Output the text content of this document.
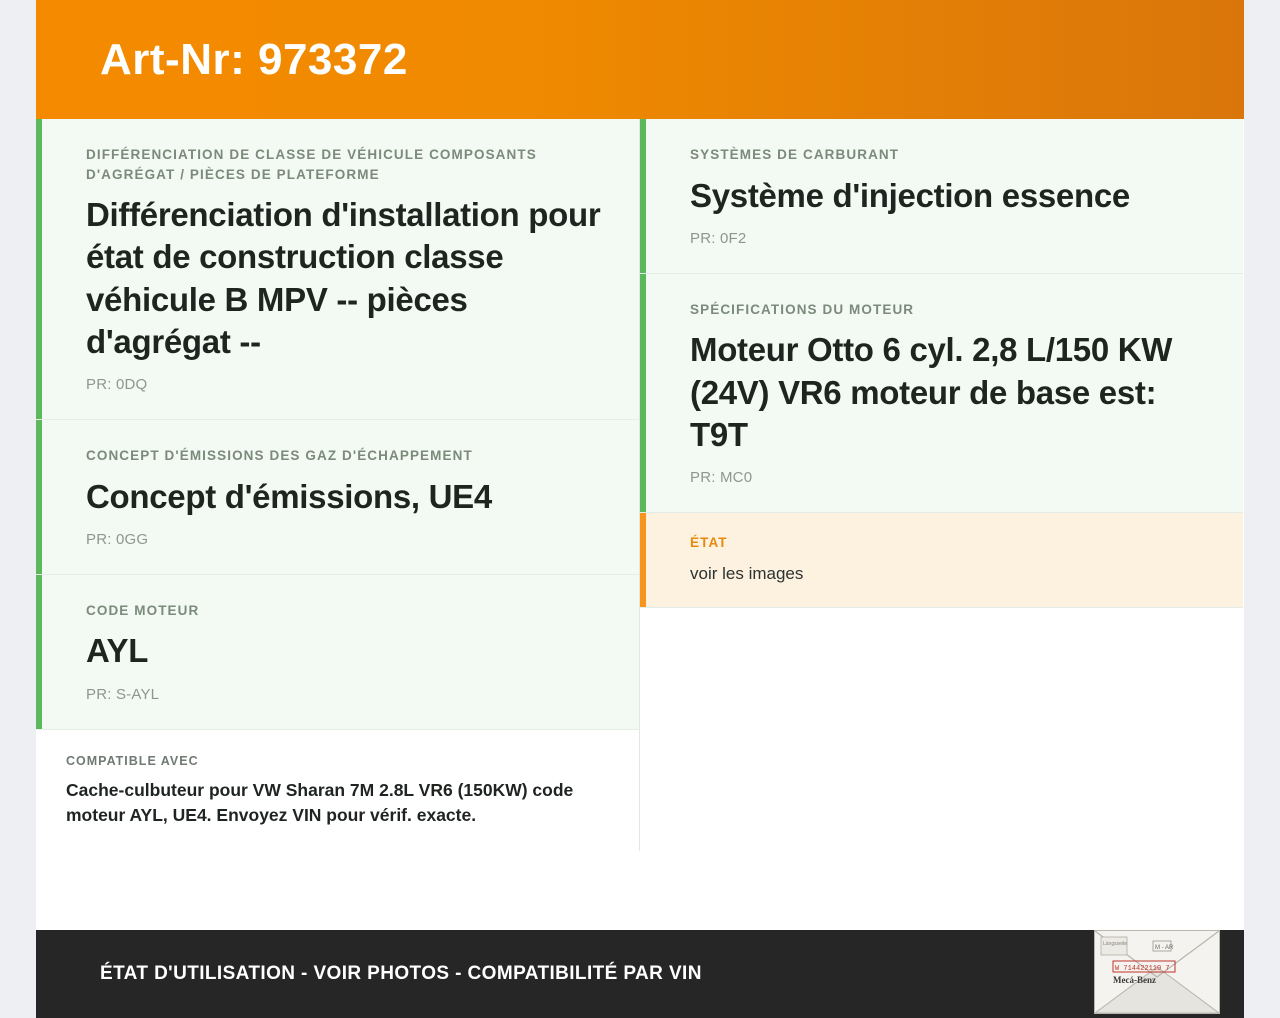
Art-Nr: 973372
DIFFÉRENCIATION DE CLASSE DE VÉHICULE COMPOSANTS D'AGRÉGAT / PIÈCES DE PLATEFORME
Différenciation d'installation pour état de construction classe véhicule B MPV -- pièces d'agrégat --
PR: 0DQ
CONCEPT D'ÉMISSIONS DES GAZ D'ÉCHAPPEMENT
Concept d'émissions, UE4
PR: 0GG
CODE MOTEUR
AYL
PR: S-AYL
COMPATIBLE AVEC
Cache-culbuteur pour VW Sharan 7M 2.8L VR6 (150KW) code moteur AYL, UE4. Envoyez VIN pour vérif. exacte.
SYSTÈMES DE CARBURANT
Système d'injection essence
PR: 0F2
SPÉCIFICATIONS DU MOTEUR
Moteur Otto 6 cyl. 2,8 L/150 KW (24V) VR6 moteur de base est: T9T
PR: MC0
ÉTAT
voir les images
ÉTAT D'UTILISATION - VOIR PHOTOS - COMPATIBILITÉ PAR VIN
Längsseite
M - AR
W 714422110 7
Mecá-Benz
